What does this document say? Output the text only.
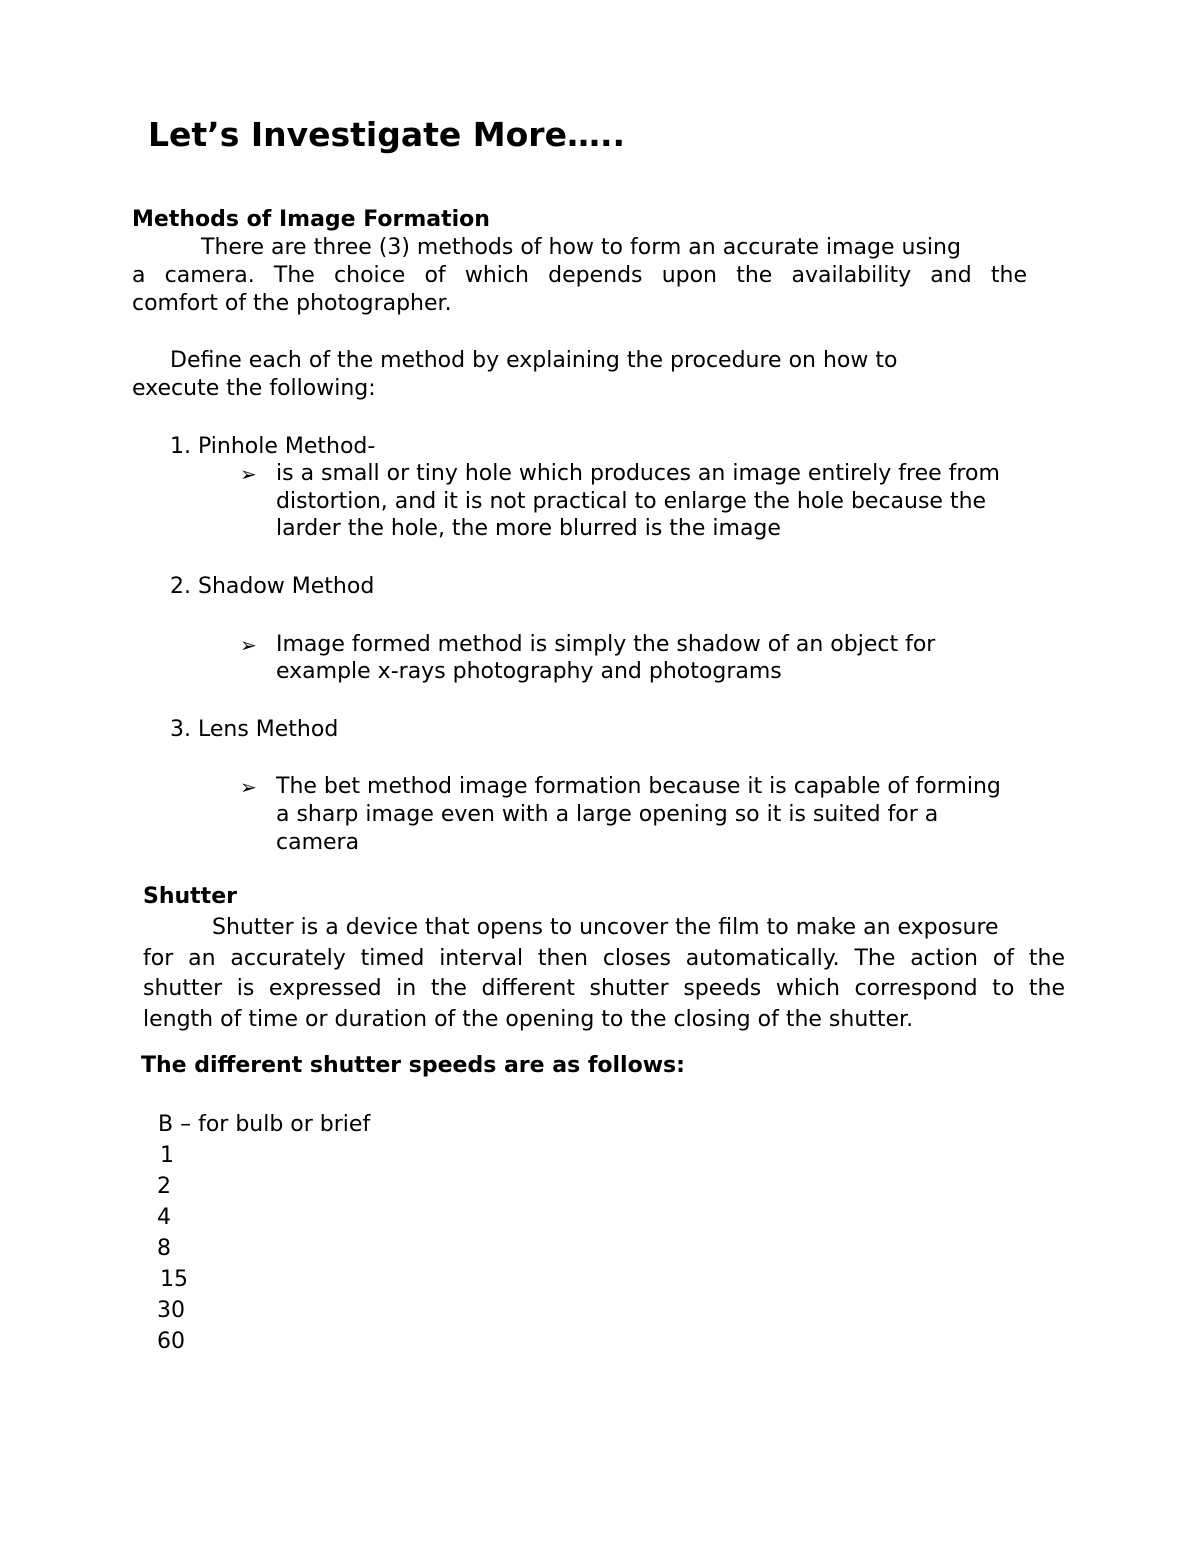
Let’s Investigate More…..

Methods of Image Formation

There are three (3) methods of how to form an accurate image using

a camera. The choice of which depends upon the availability and the

comfort of the photographer.

Define each of the method by explaining the procedure on how to

execute the following:

1. Pinhole Method-

➢ is a small or tiny hole which produces an image entirely free from

distortion, and it is not practical to enlarge the hole because the

larder the hole, the more blurred is the image

2. Shadow Method

➢ Image formed method is simply the shadow of an object for

example x-rays photography and photograms

3. Lens Method

➢ The bet method image formation because it is capable of forming

a sharp image even with a large opening so it is suited for a

camera

Shutter

Shutter is a device that opens to uncover the film to make an exposure

for an accurately timed interval then closes automatically. The action of the

shutter is expressed in the different shutter speeds which correspond to the

length of time or duration of the opening to the closing of the shutter.

The different shutter speeds are as follows:

B – for bulb or brief

1

2

4

8

15

30

60
